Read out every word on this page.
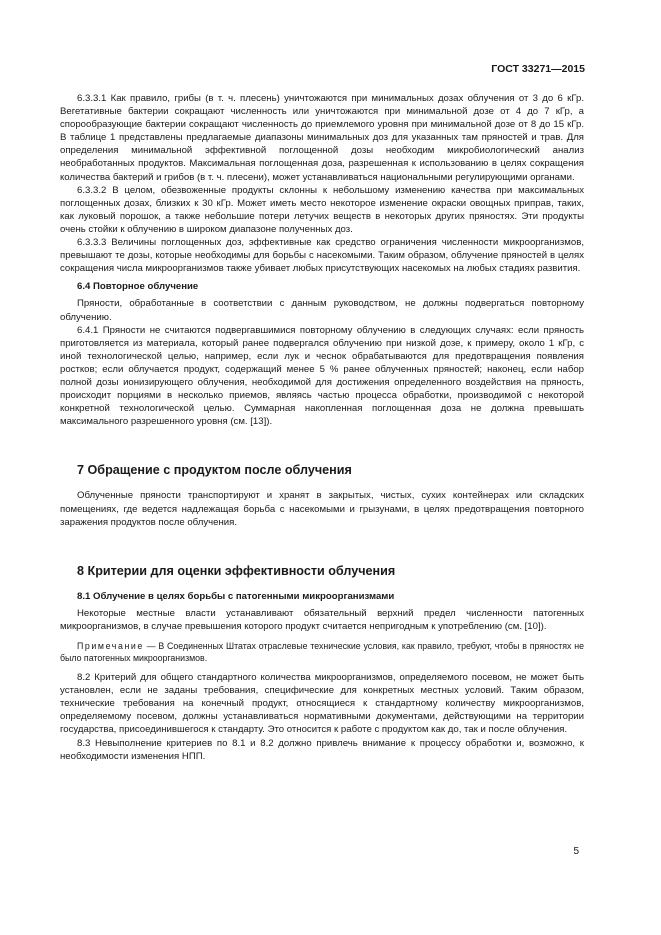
ГОСТ 33271—2015

6.3.3.1 Как правило, грибы (в т. ч. плесень) уничтожаются при минимальных дозах облучения от 3 до 6 кГр. Вегетативные бактерии сокращают численность или уничтожаются при минимальной дозе от 4 до 7 кГр, а спорообразующие бактерии сокращают численность до приемлемого уровня при минимальной дозе от 8 до 15 кГр. В таблице 1 представлены предлагаемые диапазоны минимальных доз для указанных там пряностей и трав. Для определения минимальной эффективной поглощенной дозы необходим микробиологический анализ необработанных продуктов. Максимальная поглощенная доза, разрешенная к использованию в целях сокращения количества бактерий и грибов (в т. ч. плесени), может устанавливаться национальными регулирующими органами.

6.3.3.2 В целом, обезвоженные продукты склонны к небольшому изменению качества при максимальных поглощенных дозах, близких к 30 кГр. Может иметь место некоторое изменение окраски овощных приправ, таких, как луковый порошок, а также небольшие потери летучих веществ в некоторых других пряностях. Эти продукты очень стойки к облучению в широком диапазоне полученных доз.

6.3.3.3 Величины поглощенных доз, эффективные как средство ограничения численности микроорганизмов, превышают те дозы, которые необходимы для борьбы с насекомыми. Таким образом, облучение пряностей в целях сокращения числа микроорганизмов также убивает любых присутствующих насекомых на любых стадиях развития.

6.4 Повторное облучение

Пряности, обработанные в соответствии с данным руководством, не должны подвергаться повторному облучению.

6.4.1 Пряности не считаются подвергавшимися повторному облучению в следующих случаях: если пряность приготовляется из материала, который ранее подвергался облучению при низкой дозе, к примеру, около 1 кГр, с иной технологической целью, например, если лук и чеснок обрабатываются для предотвращения появления ростков; если облучается продукт, содержащий менее 5 % ранее облученных пряностей; наконец, если набор полной дозы ионизирующего облучения, необходимой для достижения определенного воздействия на пряность, происходит порциями в несколько приемов, являясь частью процесса обработки, производимой с некоторой конкретной технологической целью. Суммарная накопленная поглощенная доза не должна превышать максимального разрешенного уровня (см. [13]).

7 Обращение с продуктом после облучения

Облученные пряности транспортируют и хранят в закрытых, чистых, сухих контейнерах или складских помещениях, где ведется надлежащая борьба с насекомыми и грызунами, в целях предотвращения повторного заражения продуктов после облучения.

8 Критерии для оценки эффективности облучения

8.1 Облучение в целях борьбы с патогенными микроорганизмами

Некоторые местные власти устанавливают обязательный верхний предел численности патогенных микроорганизмов, в случае превышения которого продукт считается непригодным к употреблению (см. [10]).

Примечание — В Соединенных Штатах отраслевые технические условия, как правило, требуют, чтобы в пряностях не было патогенных микроорганизмов.

8.2 Критерий для общего стандартного количества микроорганизмов, определяемого посевом, не может быть установлен, если не заданы требования, специфические для конкретных местных условий. Таким образом, технические требования на конечный продукт, относящиеся к стандартному количеству микроорганизмов, определяемому посевом, должны устанавливаться нормативными документами, действующими на территории государства, присоединившегося к стандарту. Это относится к работе с продуктом как до, так и после облучения.

8.3 Невыполнение критериев по 8.1 и 8.2 должно привлечь внимание к процессу обработки и, возможно, к необходимости изменения НПП.

5
